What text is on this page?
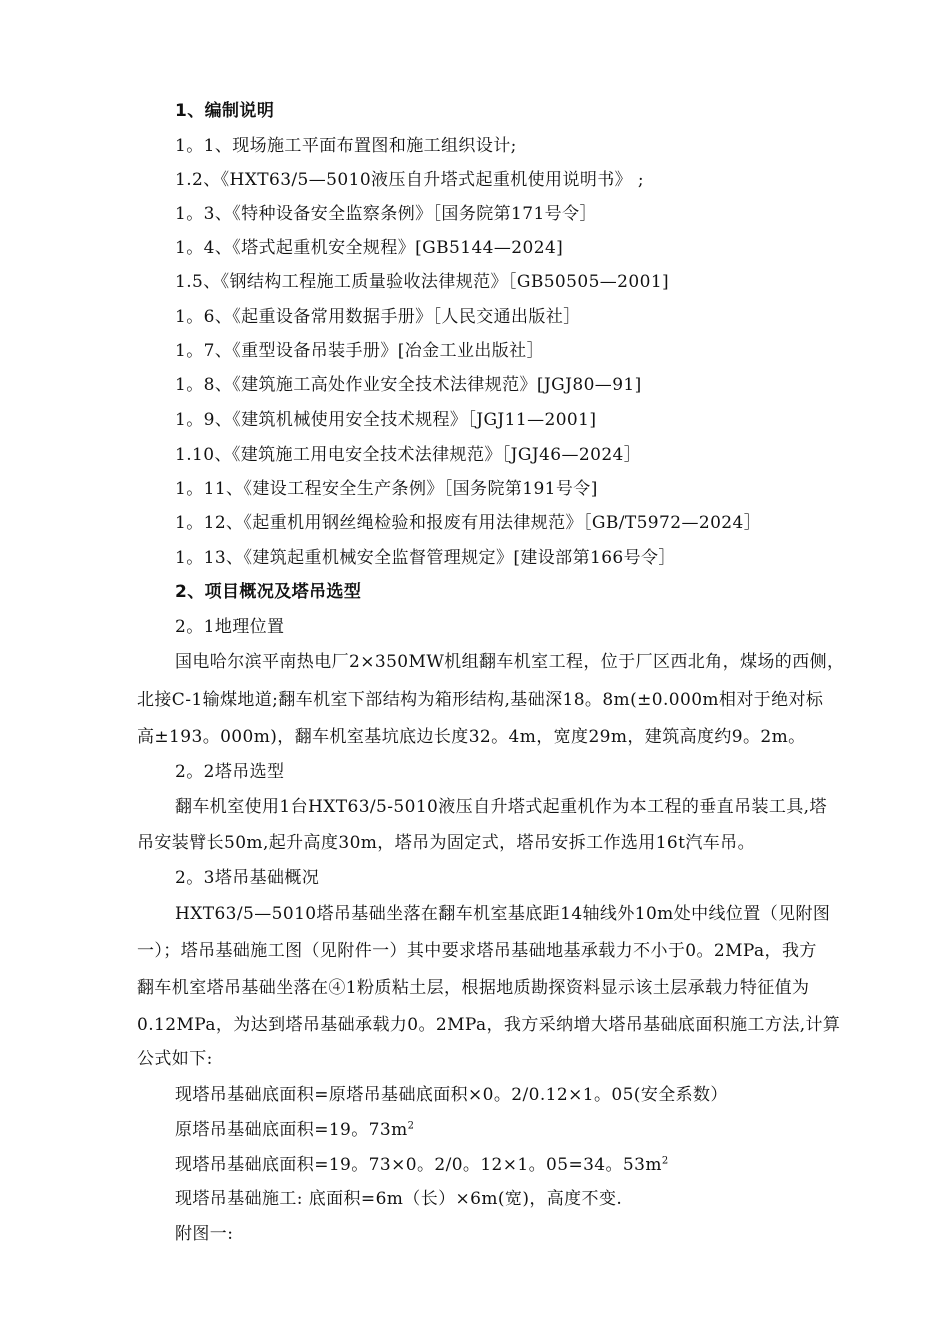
1、编制说明
1。1、现场施工平面布置图和施工组织设计;
1.2、《HXT63/5—5010液压自升塔式起重机使用说明书》 ;
1。3、《特种设备安全监察条例》［国务院第171号令］
1。4、《塔式起重机安全规程》[GB5144—2024]
1.5、《钢结构工程施工质量验收法律规范》［GB50505—2001]
1。6、《起重设备常用数据手册》［人民交通出版社］
1。7、《重型设备吊装手册》[冶金工业出版社］
1。8、《建筑施工高处作业安全技术法律规范》[JGJ80—91]
1。9、《建筑机械使用安全技术规程》［JGJ11—2001]
1.10、《建筑施工用电安全技术法律规范》［JGJ46—2024］
1。11、《建设工程安全生产条例》［国务院第191号令]
1。12、《起重机用钢丝绳检验和报废有用法律规范》［GB/T5972—2024］
1。13、《建筑起重机械安全监督管理规定》[建设部第166号令］
2、项目概况及塔吊选型
2。1地理位置
国电哈尔滨平南热电厂2×350MW机组翻车机室工程，位于厂区西北角，煤场的西侧，
北接C-1输煤地道;翻车机室下部结构为箱形结构,基础深18。8m(±0.000m相对于绝对标
高±193。000m)，翻车机室基坑底边长度32。4m，宽度29m，建筑高度约9。2m。
2。2塔吊选型
翻车机室使用1台HXT63/5-5010液压自升塔式起重机作为本工程的垂直吊装工具,塔
吊安装臂长50m,起升高度30m，塔吊为固定式，塔吊安拆工作选用16t汽车吊。
2。3塔吊基础概况
HXT63/5—5010塔吊基础坐落在翻车机室基底距14轴线外10m处中线位置（见附图
一）；塔吊基础施工图（见附件一）其中要求塔吊基础地基承载力不小于0。2MPa，我方
翻车机室塔吊基础坐落在④1粉质粘土层，根据地质勘探资料显示该土层承载力特征值为
0.12MPa，为达到塔吊基础承载力0。2MPa，我方采纳增大塔吊基础底面积施工方法,计算
公式如下:
现塔吊基础底面积=原塔吊基础底面积×0。2/0.12×1。05(安全系数）
原塔吊基础底面积=19。$73m^2$
现塔吊基础底面积=19。73×0。2/0。12×1。05=34。$53m^2$
现塔吊基础施工: 底面积=6m（长）×6m(宽)，高度不变.
附图一:
